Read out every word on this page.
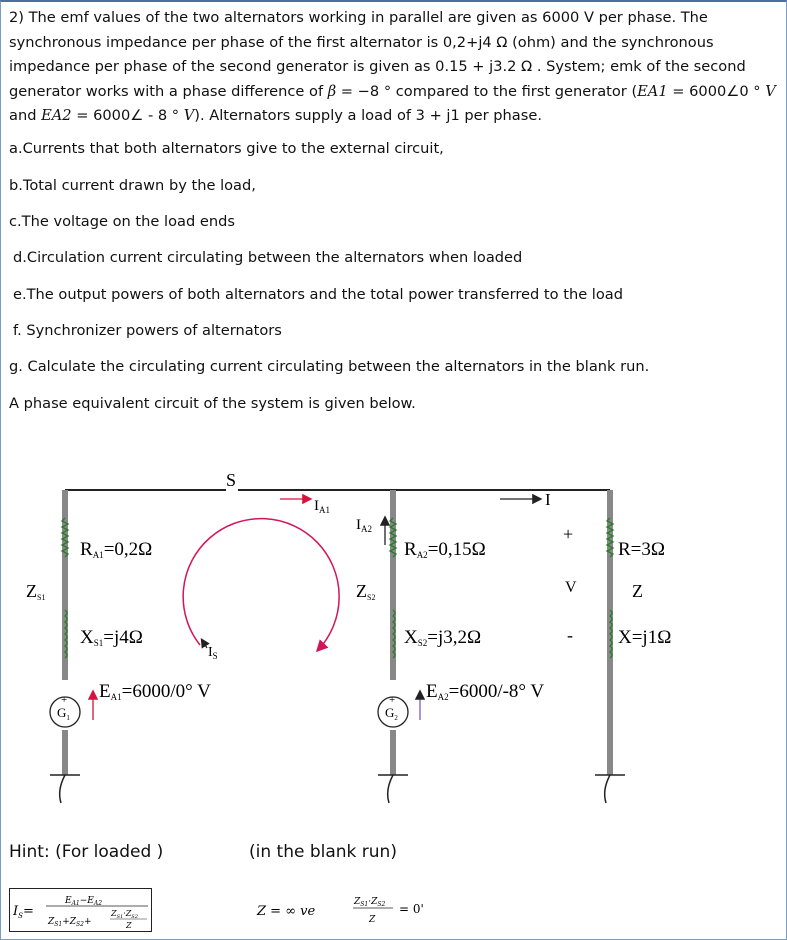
2) The emf values of the two alternators working in parallel are given as 6000 V per phase. The

synchronous impedance per phase of the first alternator is 0,2+j4 Ω (ohm) and the synchronous

impedance per phase of the second generator is given as 0.15 + j3.2 Ω . System; emk of the second

generator works with a phase difference of β = −8 ° compared to the first generator (EA1 = 6000∠0 ° V

and EA2 = 6000∠ - 8 ° V). Alternators supply a load of 3 + j1 per phase.

a.Currents that both alternators give to the external circuit,
b.Total current drawn by the load,
c.The voltage on the load ends
d.Circulation current circulating between the alternators when loaded
e.The output powers of both alternators and the total power transferred to the load
f. Synchronizer powers of alternators
g. Calculate the circulating current circulating between the alternators in the blank run.
A phase equivalent circuit of the system is given below.
S
$I_{A1}$
$I_{A2}$
I
RA1=0,2Ω	RA2=0,15Ω	R=3Ω
ZS1	ZS2	Z
+
V
-
XS1=j4Ω	XS2=j3,2Ω	X=j1Ω
$I_S$
EA1=6000/0° V	EA2=6000/-8° V
$G_1$	$G_2$
+	+
Hint: (For loaded )	(in the blank run)
$I_S=$
$E_{A1}-E_{A2}$
$Z_{S1}+Z_{S2}+$
$Z_{S1}\cdot Z_{S2}$
Z
Z = ∞ ve
$Z_{S1}\cdot Z_{S2}$
Z
= 0'
